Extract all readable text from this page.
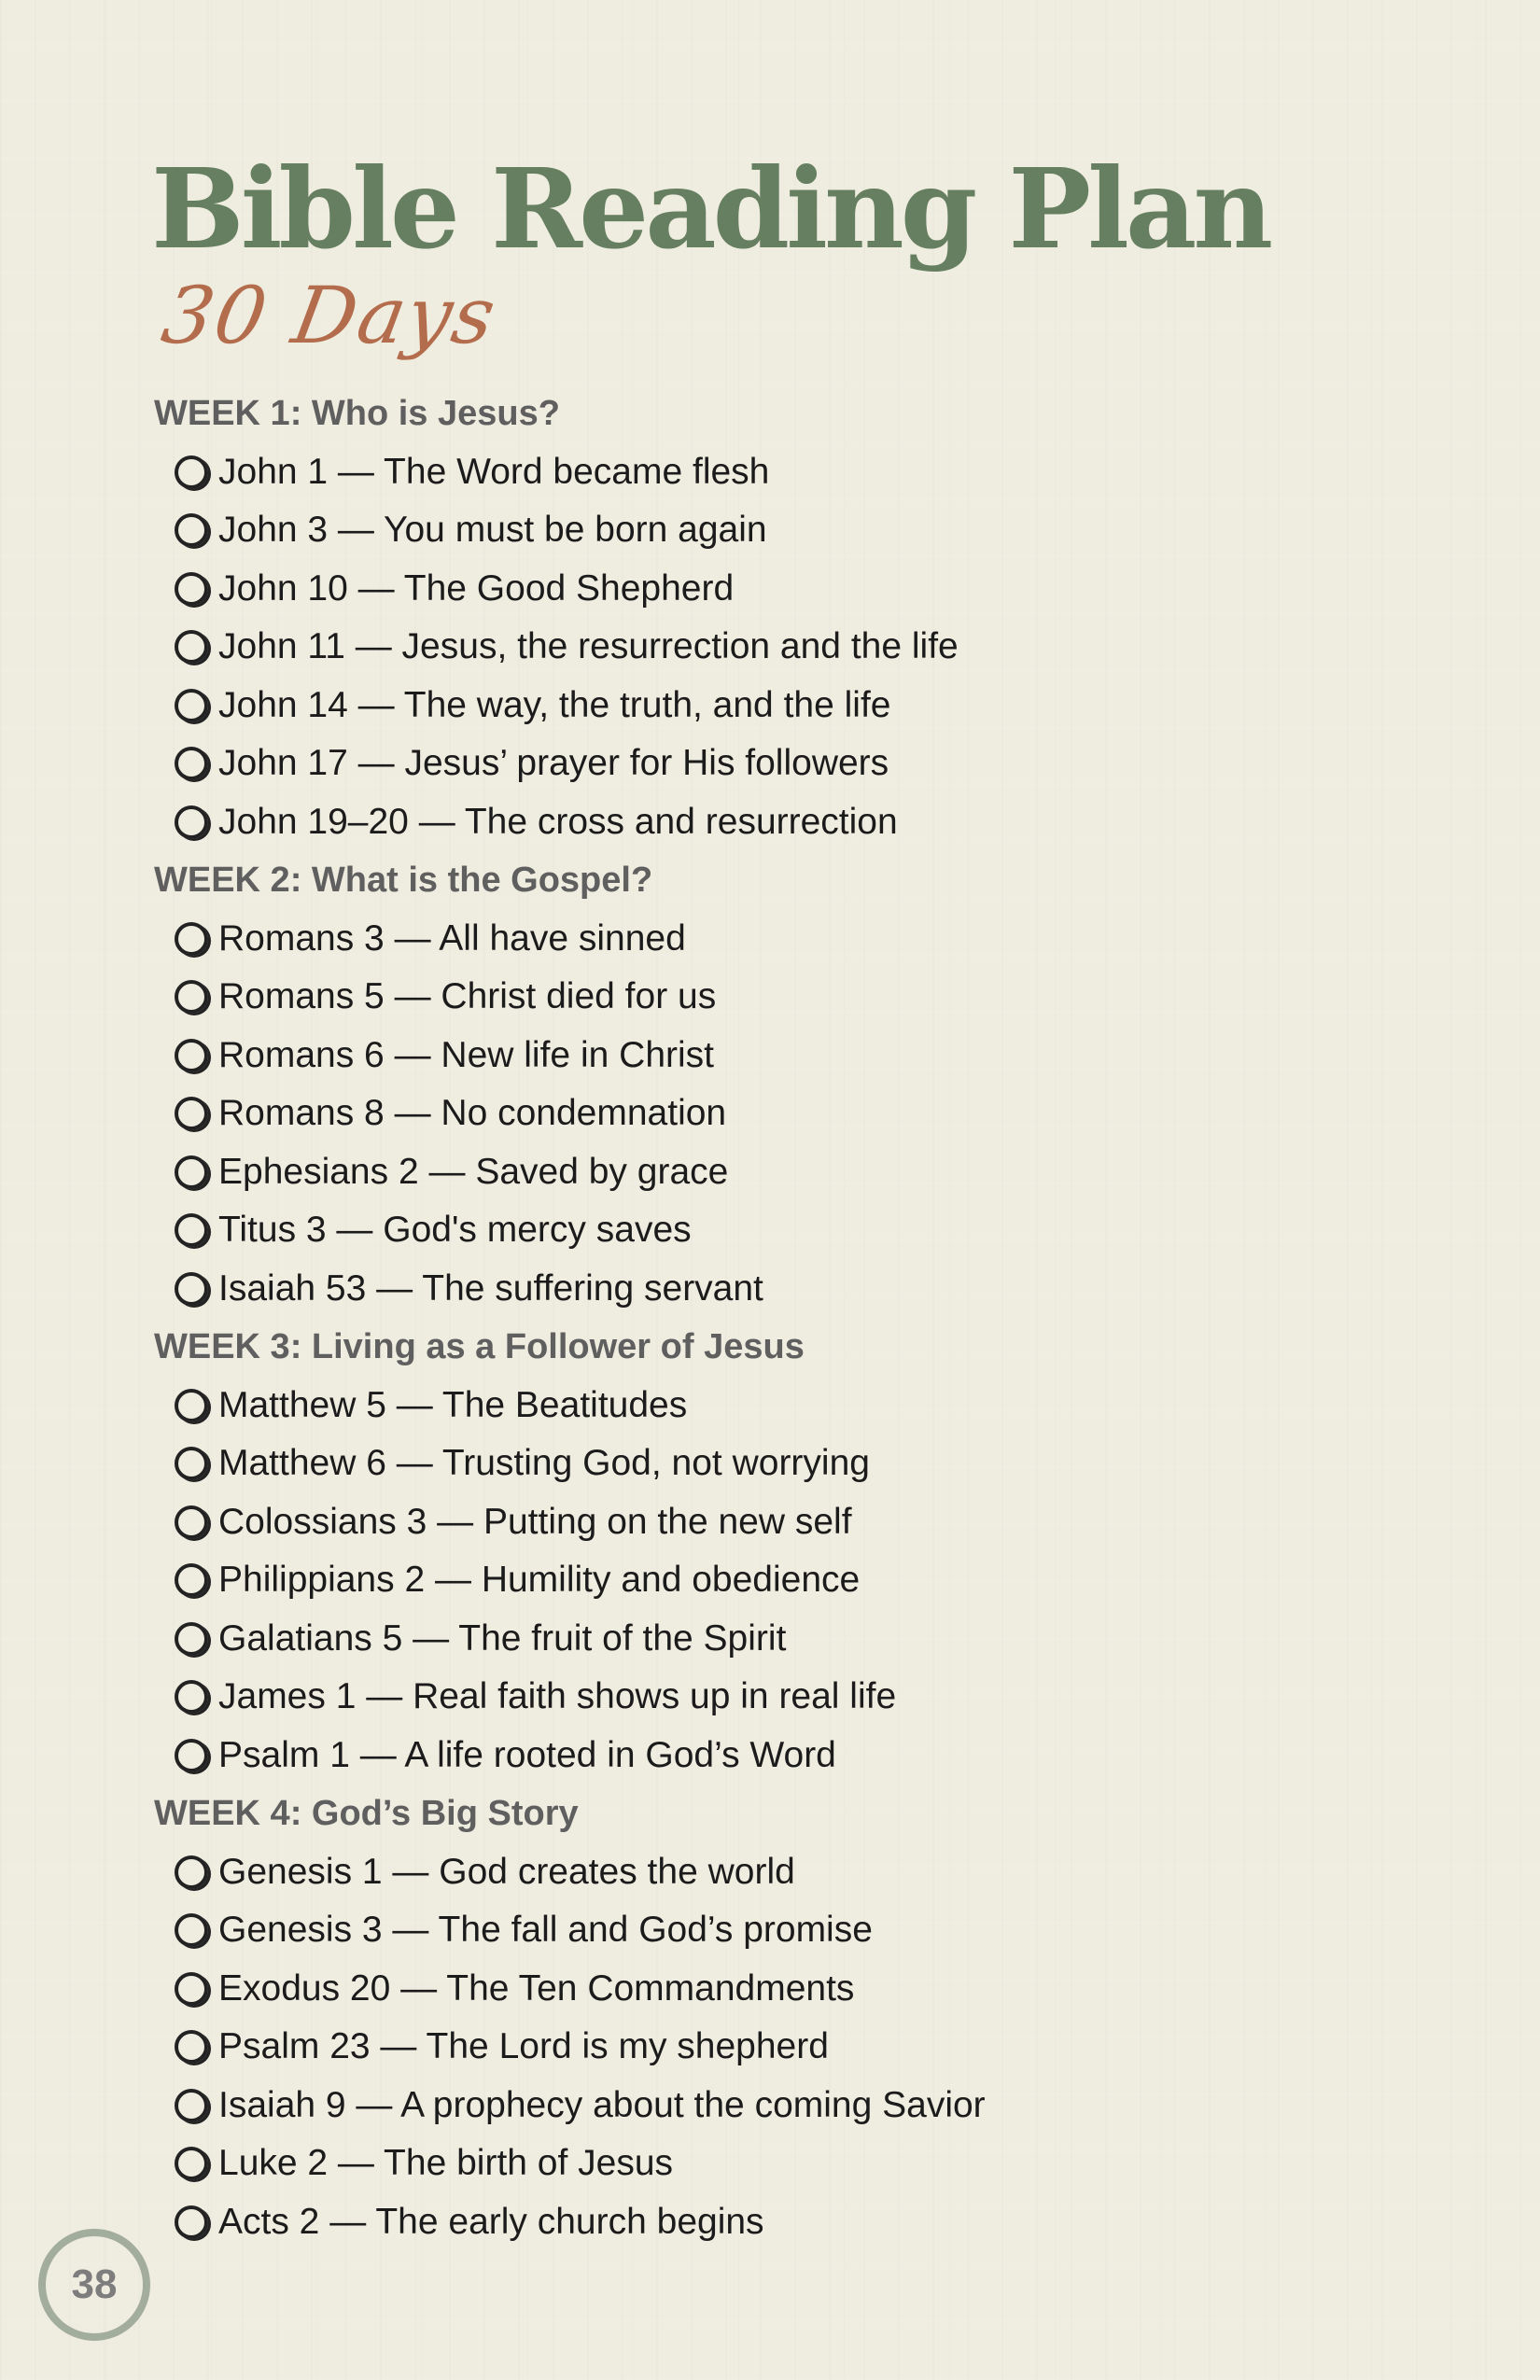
Bible Reading Plan
30 Days
WEEK 1: Who is Jesus?
John 1 — The Word became flesh
John 3 — You must be born again
John 10 — The Good Shepherd
John 11 — Jesus, the resurrection and the life
John 14 — The way, the truth, and the life
John 17 — Jesus’ prayer for His followers
John 19–20 — The cross and resurrection
WEEK 2: What is the Gospel?
Romans 3 — All have sinned
Romans 5 — Christ died for us
Romans 6 — New life in Christ
Romans 8 — No condemnation
Ephesians 2 — Saved by grace
Titus 3 — God's mercy saves
Isaiah 53 — The suffering servant
WEEK 3: Living as a Follower of Jesus
Matthew 5 — The Beatitudes
Matthew 6 — Trusting God, not worrying
Colossians 3 — Putting on the new self
Philippians 2 — Humility and obedience
Galatians 5 — The fruit of the Spirit
James 1 — Real faith shows up in real life
Psalm 1 — A life rooted in God’s Word
WEEK 4: God’s Big Story
Genesis 1 — God creates the world
Genesis 3 — The fall and God’s promise
Exodus 20 — The Ten Commandments
Psalm 23 — The Lord is my shepherd
Isaiah 9 — A prophecy about the coming Savior
Luke 2 — The birth of Jesus
Acts 2 — The early church begins
38
